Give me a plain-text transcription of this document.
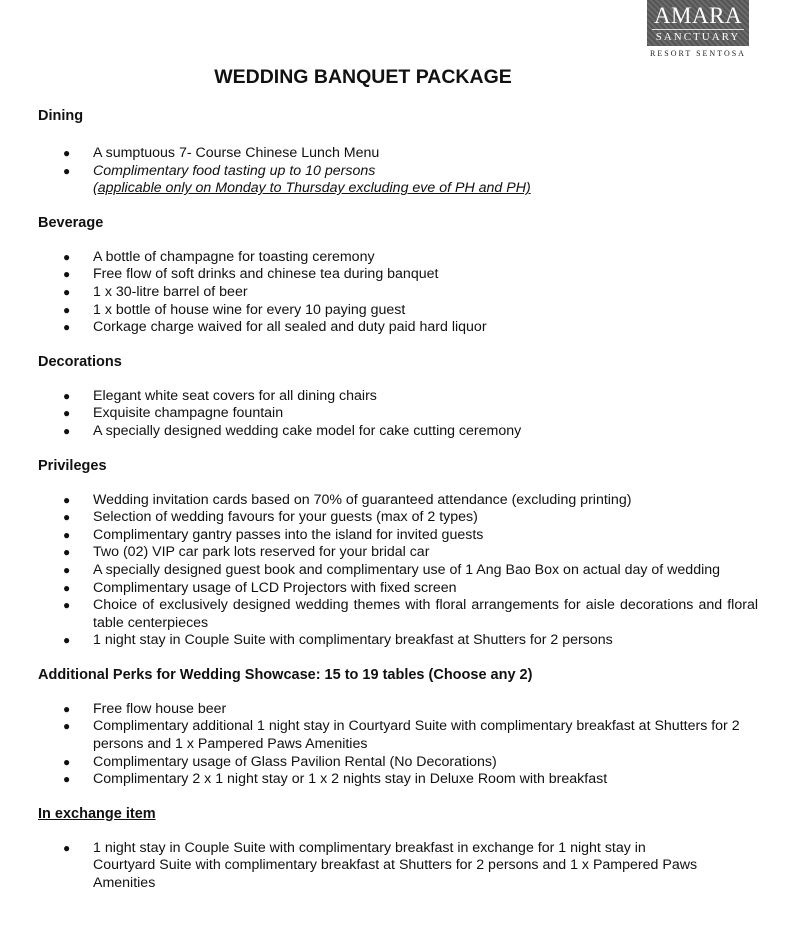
AMARA
SANCTUARY
RESORT SENTOSA
WEDDING BANQUET PACKAGE
Dining
● A sumptuous 7- Course Chinese Lunch Menu
● Complimentary food tasting up to 10 persons
(applicable only on Monday to Thursday excluding eve of PH and PH)
Beverage
● A bottle of champagne for toasting ceremony
● Free flow of soft drinks and chinese tea during banquet
● 1 x 30-litre barrel of beer
● 1 x bottle of house wine for every 10 paying guest
● Corkage charge waived for all sealed and duty paid hard liquor
Decorations
● Elegant white seat covers for all dining chairs
● Exquisite champagne fountain
● A specially designed wedding cake model for cake cutting ceremony
Privileges
● Wedding invitation cards based on 70% of guaranteed attendance (excluding printing)
● Selection of wedding favours for your guests (max of 2 types)
● Complimentary gantry passes into the island for invited guests
● Two (02) VIP car park lots reserved for your bridal car
● A specially designed guest book and complimentary use of 1 Ang Bao Box on actual day of wedding
● Complimentary usage of LCD Projectors with fixed screen
● Choice of exclusively designed wedding themes with floral arrangements for aisle decorations and floral table centerpieces
● 1 night stay in Couple Suite with complimentary breakfast at Shutters for 2 persons
Additional Perks for Wedding Showcase: 15 to 19 tables (Choose any 2)
● Free flow house beer
● Complimentary additional 1 night stay in Courtyard Suite with complimentary breakfast at Shutters for 2 persons and 1 x Pampered Paws Amenities
● Complimentary usage of Glass Pavilion Rental (No Decorations)
● Complimentary 2 x 1 night stay or 1 x 2 nights stay in Deluxe Room with breakfast
In exchange item
● 1 night stay in Couple Suite with complimentary breakfast in exchange for 1 night stay in Courtyard Suite with complimentary breakfast at Shutters for 2 persons and 1 x Pampered Paws Amenities
